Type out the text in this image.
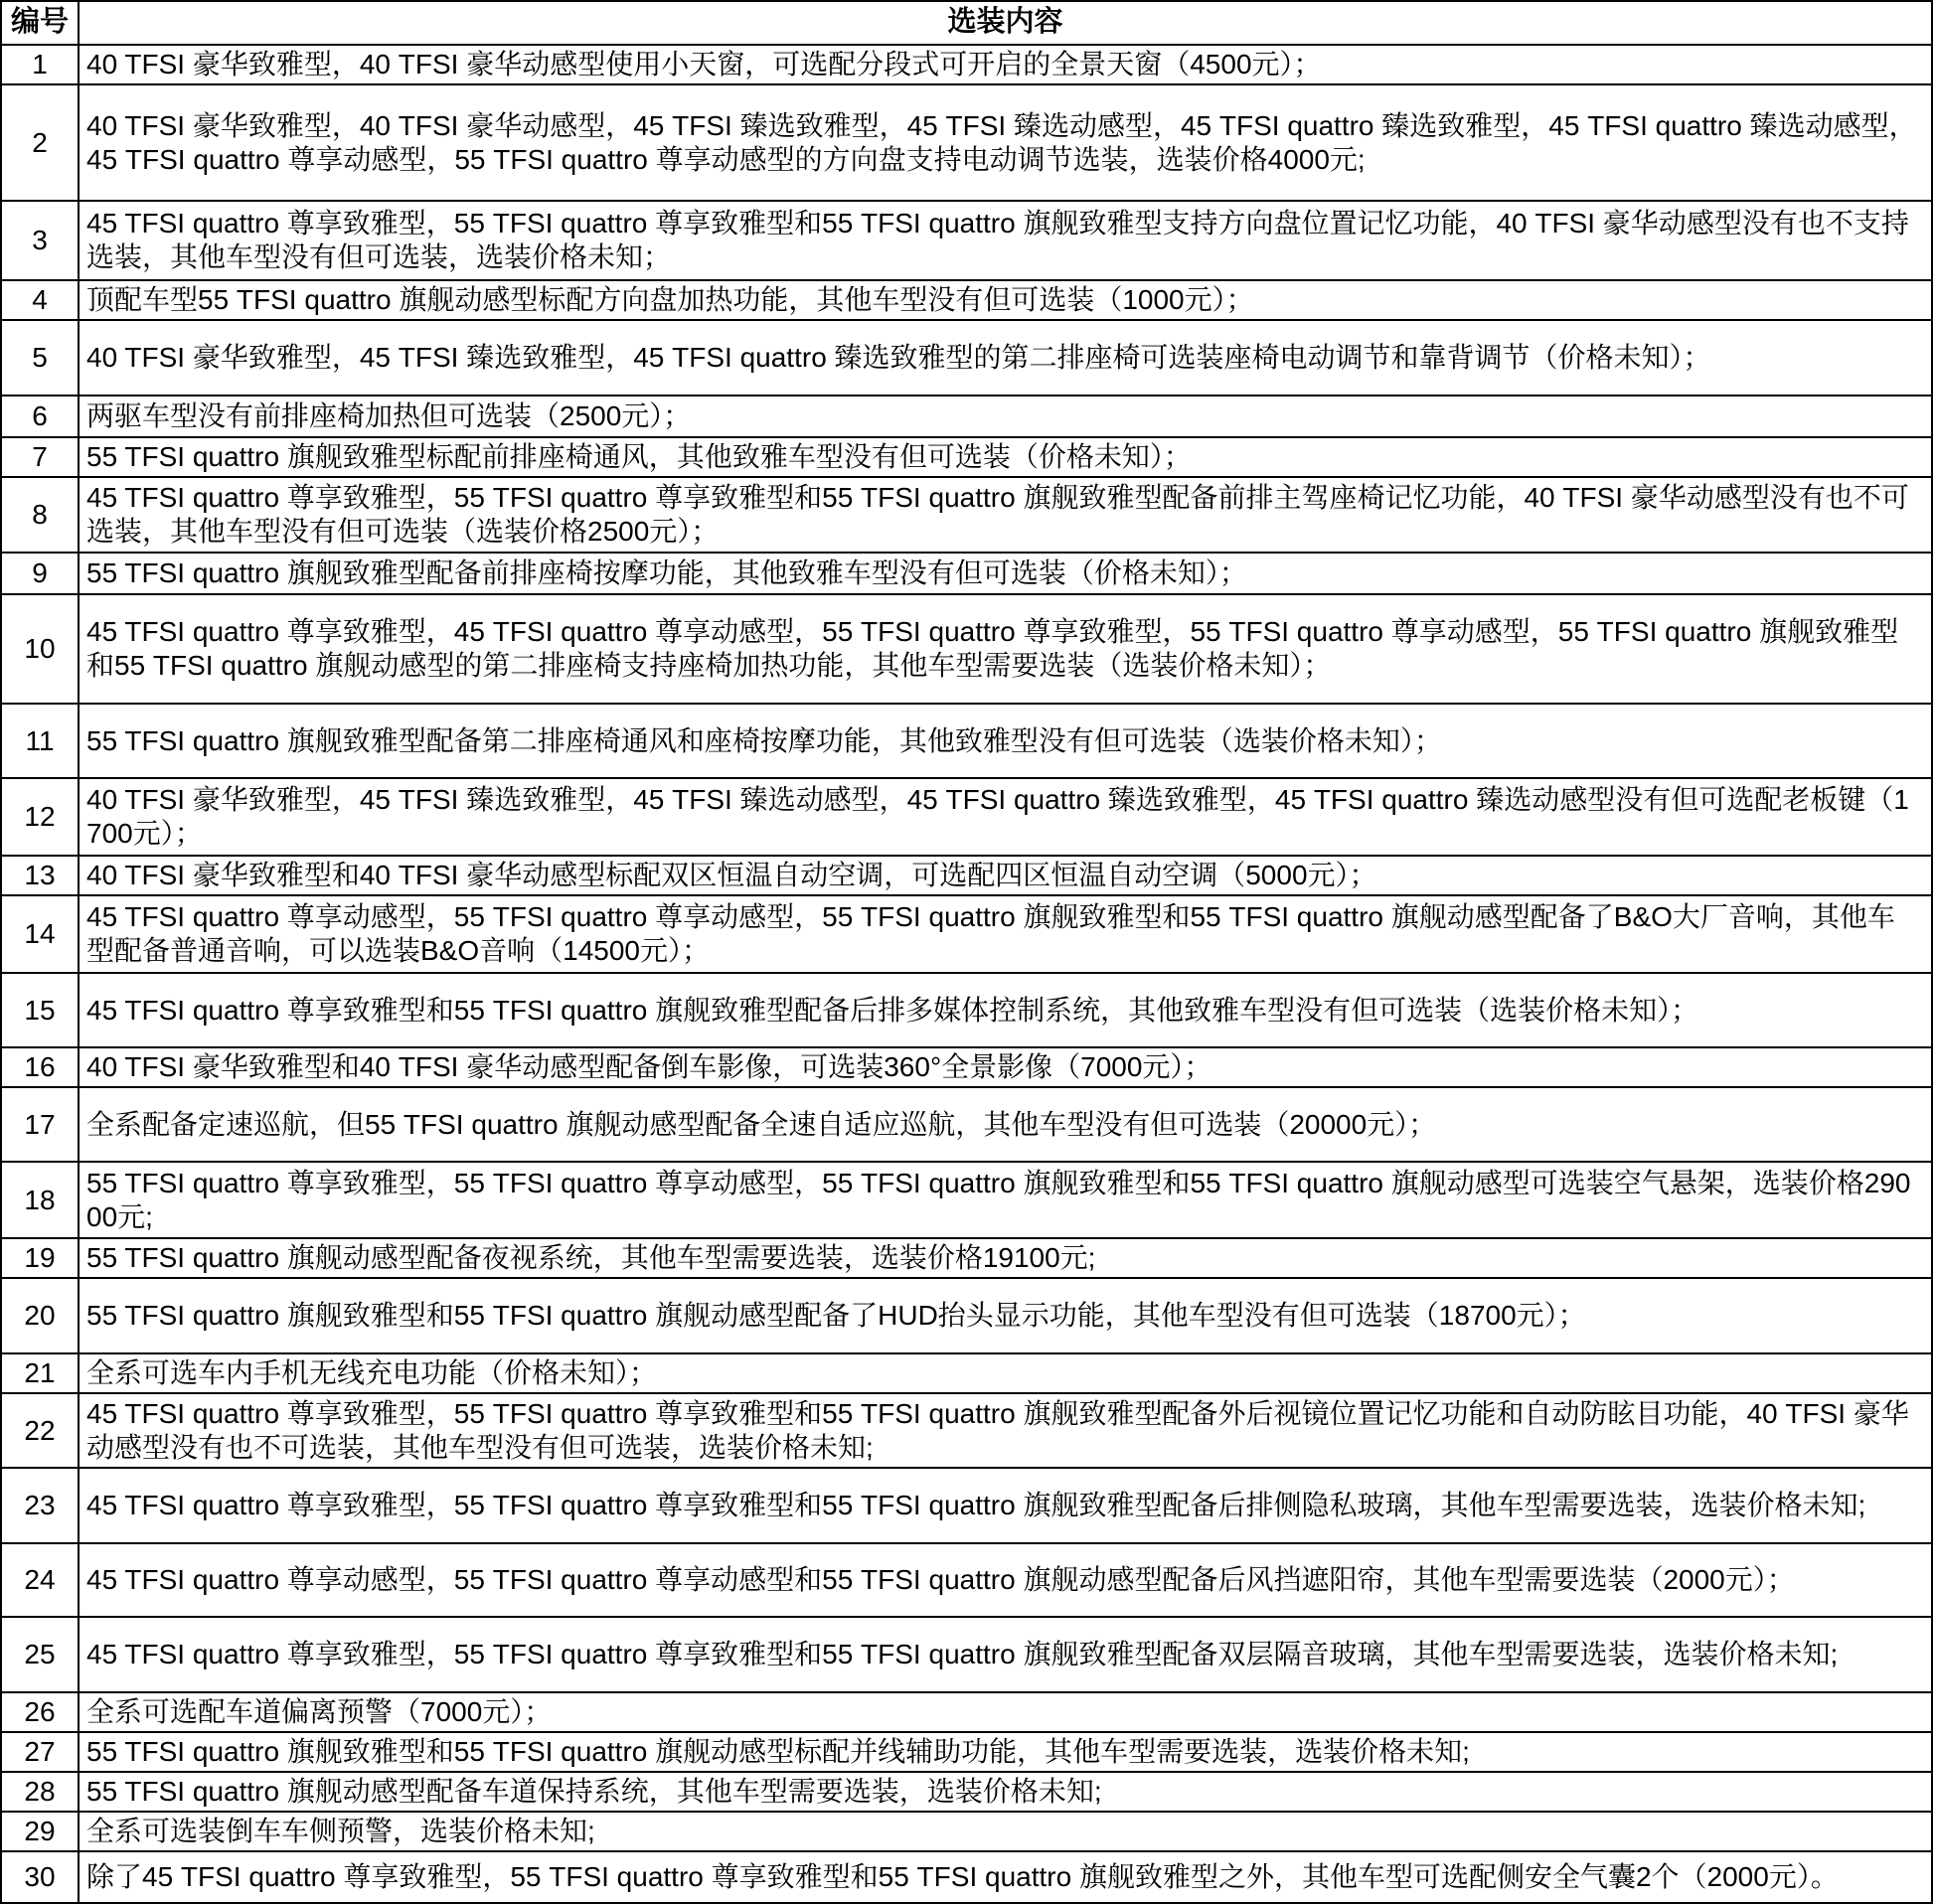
编号	选装内容
1	40 TFSI 豪华致雅型，40 TFSI 豪华动感型使用小天窗，可选配分段式可开启的全景天窗（4500元）；
2	40 TFSI 豪华致雅型，40 TFSI 豪华动感型，45 TFSI 臻选致雅型，45 TFSI 臻选动感型，45 TFSI quattro 臻选致雅型，45 TFSI quattro 臻选动感型，45 TFSI quattro 尊享动感型，55 TFSI quattro 尊享动感型的方向盘支持电动调节选装，选装价格4000元;
3	45 TFSI quattro 尊享致雅型，55 TFSI quattro 尊享致雅型和55 TFSI quattro 旗舰致雅型支持方向盘位置记忆功能，40 TFSI 豪华动感型没有也不支持选装，其他车型没有但可选装，选装价格未知；
4	顶配车型55 TFSI quattro 旗舰动感型标配方向盘加热功能，其他车型没有但可选装（1000元）；
5	40 TFSI 豪华致雅型，45 TFSI 臻选致雅型，45 TFSI quattro 臻选致雅型的第二排座椅可选装座椅电动调节和靠背调节（价格未知）；
6	两驱车型没有前排座椅加热但可选装（2500元）；
7	55 TFSI quattro 旗舰致雅型标配前排座椅通风，其他致雅车型没有但可选装（价格未知）；
8	45 TFSI quattro 尊享致雅型，55 TFSI quattro 尊享致雅型和55 TFSI quattro 旗舰致雅型配备前排主驾座椅记忆功能，40 TFSI 豪华动感型没有也不可选装，其他车型没有但可选装（选装价格2500元）；
9	55 TFSI quattro 旗舰致雅型配备前排座椅按摩功能，其他致雅车型没有但可选装（价格未知）；
10	45 TFSI quattro 尊享致雅型，45 TFSI quattro 尊享动感型，55 TFSI quattro 尊享致雅型，55 TFSI quattro 尊享动感型，55 TFSI quattro 旗舰致雅型和55 TFSI quattro 旗舰动感型的第二排座椅支持座椅加热功能，其他车型需要选装（选装价格未知）；
11	55 TFSI quattro 旗舰致雅型配备第二排座椅通风和座椅按摩功能，其他致雅型没有但可选装（选装价格未知）；
12	40 TFSI 豪华致雅型，45 TFSI 臻选致雅型，45 TFSI 臻选动感型，45 TFSI quattro 臻选致雅型，45 TFSI quattro 臻选动感型没有但可选配老板键（1700元）；
13	40 TFSI 豪华致雅型和40 TFSI 豪华动感型标配双区恒温自动空调，可选配四区恒温自动空调（5000元）；
14	45 TFSI quattro 尊享动感型，55 TFSI quattro 尊享动感型，55 TFSI quattro 旗舰致雅型和55 TFSI quattro 旗舰动感型配备了B&O大厂音响，其他车型配备普通音响，可以选装B&O音响（14500元）；
15	45 TFSI quattro 尊享致雅型和55 TFSI quattro 旗舰致雅型配备后排多媒体控制系统，其他致雅车型没有但可选装（选装价格未知）；
16	40 TFSI 豪华致雅型和40 TFSI 豪华动感型配备倒车影像，可选装360°全景影像（7000元）；
17	全系配备定速巡航，但55 TFSI quattro 旗舰动感型配备全速自适应巡航，其他车型没有但可选装（20000元）；
18	55 TFSI quattro 尊享致雅型，55 TFSI quattro 尊享动感型，55 TFSI quattro 旗舰致雅型和55 TFSI quattro 旗舰动感型可选装空气悬架，选装价格29000元;
19	55 TFSI quattro 旗舰动感型配备夜视系统，其他车型需要选装，选装价格19100元;
20	55 TFSI quattro 旗舰致雅型和55 TFSI quattro 旗舰动感型配备了HUD抬头显示功能，其他车型没有但可选装（18700元）；
21	全系可选车内手机无线充电功能（价格未知）；
22	45 TFSI quattro 尊享致雅型，55 TFSI quattro 尊享致雅型和55 TFSI quattro 旗舰致雅型配备外后视镜位置记忆功能和自动防眩目功能，40 TFSI 豪华动感型没有也不可选装，其他车型没有但可选装，选装价格未知;
23	45 TFSI quattro 尊享致雅型，55 TFSI quattro 尊享致雅型和55 TFSI quattro 旗舰致雅型配备后排侧隐私玻璃，其他车型需要选装，选装价格未知;
24	45 TFSI quattro 尊享动感型，55 TFSI quattro 尊享动感型和55 TFSI quattro 旗舰动感型配备后风挡遮阳帘，其他车型需要选装（2000元）；
25	45 TFSI quattro 尊享致雅型，55 TFSI quattro 尊享致雅型和55 TFSI quattro 旗舰致雅型配备双层隔音玻璃，其他车型需要选装，选装价格未知;
26	全系可选配车道偏离预警（7000元）；
27	55 TFSI quattro 旗舰致雅型和55 TFSI quattro 旗舰动感型标配并线辅助功能，其他车型需要选装，选装价格未知;
28	55 TFSI quattro 旗舰动感型配备车道保持系统，其他车型需要选装，选装价格未知;
29	全系可选装倒车车侧预警，选装价格未知;
30	除了45 TFSI quattro 尊享致雅型，55 TFSI quattro 尊享致雅型和55 TFSI quattro 旗舰致雅型之外，其他车型可选配侧安全气囊2个（2000元）。
